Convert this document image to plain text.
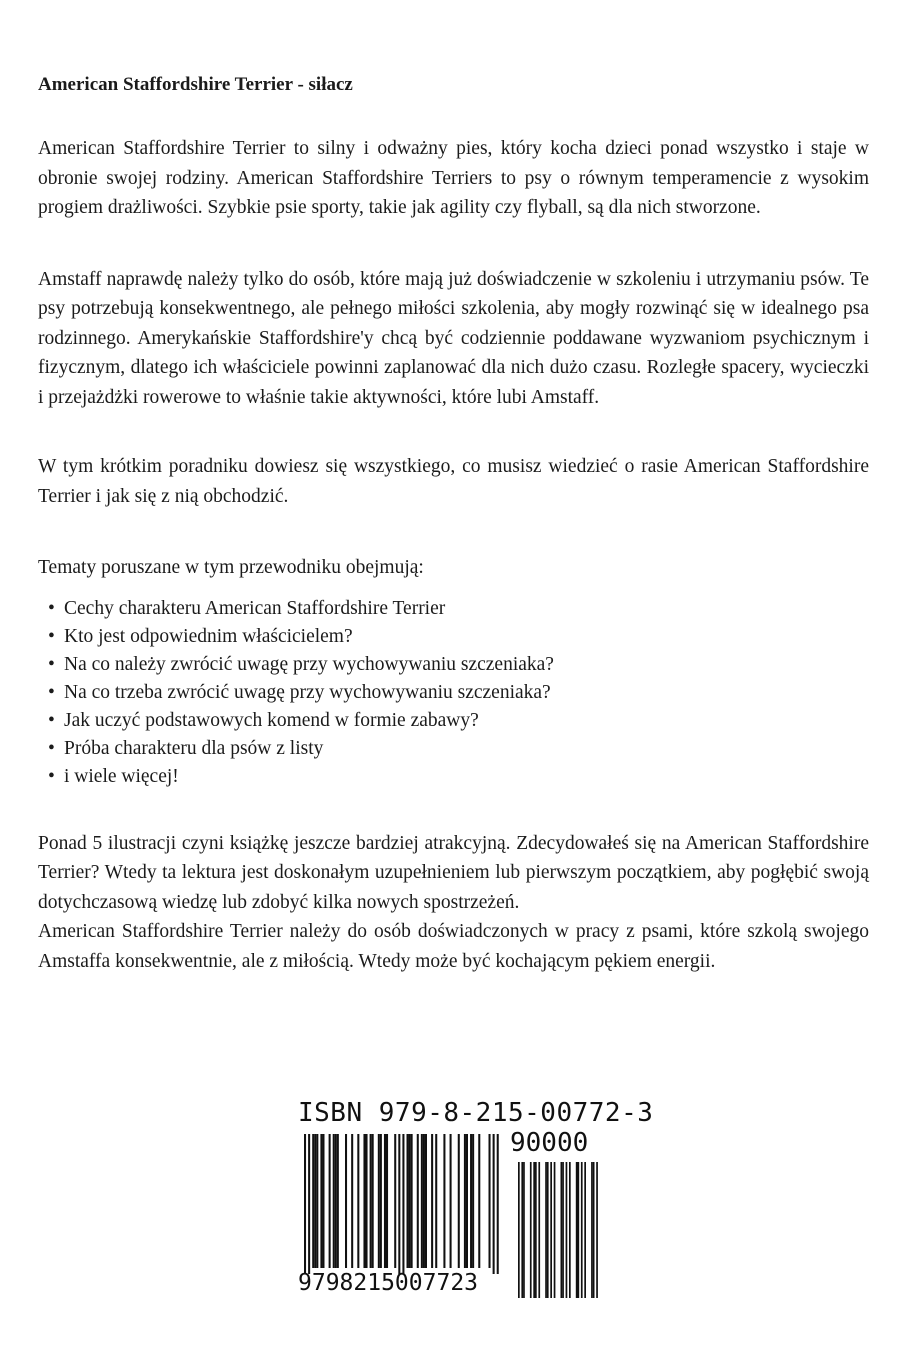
American Staffordshire Terrier - siłacz

American Staffordshire Terrier to silny i odważny pies, który kocha dzieci ponad wszystko i staje w obronie swojej rodziny. American Staffordshire Terriers to psy o równym temperamencie z wysokim progiem drażliwości. Szybkie psie sporty, takie jak agility czy flyball, są dla nich stworzone.

Amstaff naprawdę należy tylko do osób, które mają już doświadczenie w szkoleniu i utrzymaniu psów. Te psy potrzebują konsekwentnego, ale pełnego miłości szkolenia, aby mogły rozwinąć się w idealnego psa rodzinnego. Amerykańskie Staffordshire'y chcą być codziennie poddawane wyzwaniom psychicznym i fizycznym, dlatego ich właściciele powinni zaplanować dla nich dużo czasu. Rozległe spacery, wycieczki i przejażdżki rowerowe to właśnie takie aktywności, które lubi Amstaff.

W tym krótkim poradniku dowiesz się wszystkiego, co musisz wiedzieć o rasie American Staffordshire Terrier i jak się z nią obchodzić.

Tematy poruszane w tym przewodniku obejmują:

• Cechy charakteru American Staffordshire Terrier
• Kto jest odpowiednim właścicielem?
• Na co należy zwrócić uwagę przy wychowywaniu szczeniaka?
• Na co trzeba zwrócić uwagę przy wychowywaniu szczeniaka?
• Jak uczyć podstawowych komend w formie zabawy?
• Próba charakteru dla psów z listy
• i wiele więcej!

Ponad 5 ilustracji czyni książkę jeszcze bardziej atrakcyjną. Zdecydowałeś się na American Staffordshire Terrier? Wtedy ta lektura jest doskonałym uzupełnieniem lub pierwszym początkiem, aby pogłębić swoją dotychczasową wiedzę lub zdobyć kilka nowych spostrzeżeń.

American Staffordshire Terrier należy do osób doświadczonych w pracy z psami, które szkolą swojego Amstaffa konsekwentnie, ale z miłością. Wtedy może być kochającym pękiem energii.

ISBN 979-8-215-00772-3
90000
9798215007723
